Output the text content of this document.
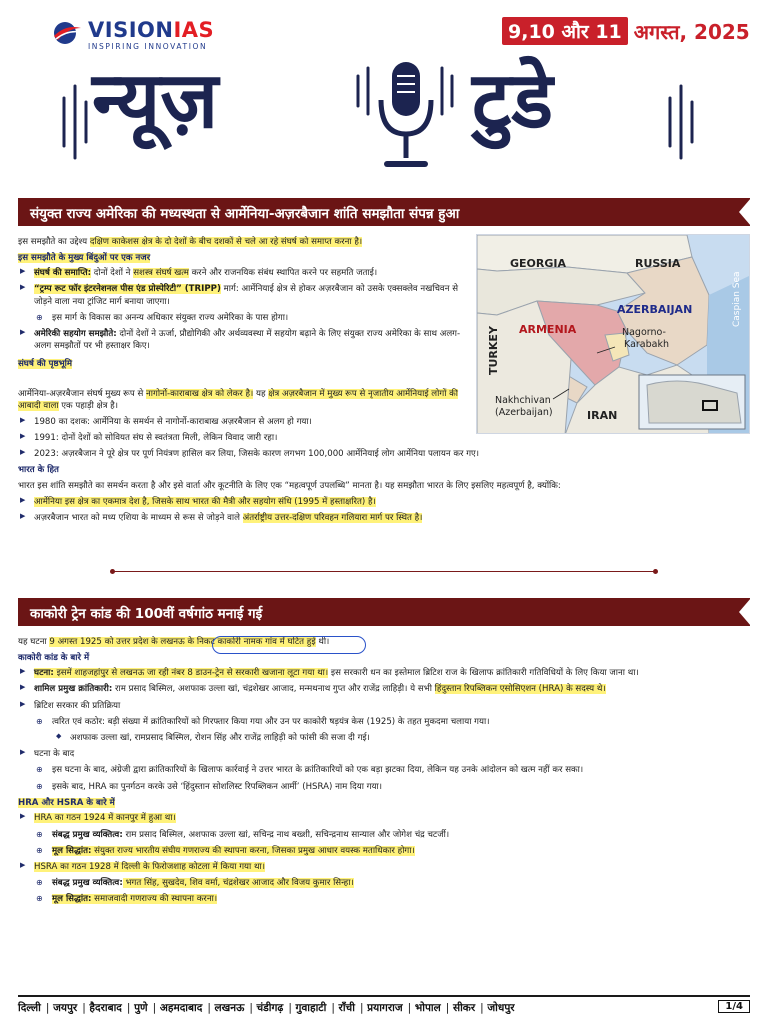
VISIONIAS
INSPIRING INNOVATION
9,10 और 11 अगस्त, 2025
न्यूज़	टुडे
संयुक्त राज्य अमेरिका की मध्यस्थता से आर्मेनिया-अज़रबैजान शांति समझौता संपन्न हुआ

इस समझौते का उद्देश्य दक्षिण काकेशस क्षेत्र के दो देशों के बीच दशकों से चले आ रहे संघर्ष को समाप्त करना है।

इस समझौते के मुख्य बिंदुओं पर एक नजर

▶ संघर्ष की समाप्ति: दोनों देशों ने सशस्त्र संघर्ष खत्म करने और राजनयिक संबंध स्थापित करने पर सहमति जताई।
▶ “ट्रम्प रूट फॉर इंटरनेशनल पीस एंड प्रोस्पेरिटी” (TRIPP) मार्ग: आर्मेनियाई क्षेत्र से होकर अज़रबैजान को उसके एक्सक्लेव नखचिवन से जोड़ने वाला नया ट्रांजिट मार्ग बनाया जाएगा।
⊕ इस मार्ग के विकास का अनन्य अधिकार संयुक्त राज्य अमेरिका के पास होगा।
▶ अमेरिकी सहयोग समझौते: दोनों देशों ने ऊर्जा, प्रौद्योगिकी और अर्थव्यवस्था में सहयोग बढ़ाने के लिए संयुक्त राज्य अमेरिका के साथ अलग-अलग समझौतों पर भी हस्ताक्षर किए।

संघर्ष की पृष्ठभूमि

GEORGIA	RUSSIA
AZERBAIJAN
ARMENIA	Nagorno-
Karabakh
TURKEY
Nakhchivan
(Azerbaijan)	IRAN
Caspian Sea

आर्मेनिया-अज़रबैजान संघर्ष मुख्य रूप से नागोर्नो-काराबाख क्षेत्र को लेकर है। यह क्षेत्र अज़रबैजान में मुख्य रूप से नृजातीय आर्मेनियाई लोगों की आबादी वाला एक पहाड़ी क्षेत्र है।

▶ 1980 का दशक: आर्मेनिया के समर्थन से नागोर्नो-काराबाख अज़रबैजान से अलग हो गया।
▶ 1991: दोनों देशों को सोवियत संघ से स्वतंत्रता मिली, लेकिन विवाद जारी रहा।
▶ 2023: अज़रबैजान ने पूरे क्षेत्र पर पूर्ण नियंत्रण हासिल कर लिया, जिसके कारण लगभग 100,000 आर्मेनियाई लोग आर्मेनिया पलायन कर गए।

भारत के हित

भारत इस शांति समझौते का समर्थन करता है और इसे वार्ता और कूटनीति के लिए एक “महत्वपूर्ण उपलब्धि” मानता है। यह समझौता भारत के लिए इसलिए महत्वपूर्ण है, क्योंकि:

▶ आर्मेनिया इस क्षेत्र का एकमात्र देश है, जिसके साथ भारत की मैत्री और सहयोग संधि (1995 में हस्ताक्षरित) है।
▶ अज़रबैजान भारत को मध्य एशिया के माध्यम से रूस से जोड़ने वाले अंतर्राष्ट्रीय उत्तर-दक्षिण परिवहन गलियारा मार्ग पर स्थित है।
काकोरी ट्रेन कांड की 100वीं वर्षगांठ मनाई गई

यह घटना 9 अगस्त 1925 को उत्तर प्रदेश के लखनऊ के निकट काकोरी नामक गांव में घटित हुई थी।

काकोरी कांड के बारे में

▶ घटना: इसमें शाहजहांपुर से लखनऊ जा रही नंबर 8 डाउन-ट्रेन से सरकारी खजाना लूटा गया था। इस सरकारी धन का इस्तेमाल ब्रिटिश राज के खिलाफ क्रांतिकारी गतिविधियों के लिए किया जाना था।
▶ शामिल प्रमुख क्रांतिकारी: राम प्रसाद बिस्मिल, अशफाक उल्ला खां, चंद्रशेखर आजाद, मन्मथनाथ गुप्त और राजेंद्र लाहिड़ी। ये सभी हिंदुस्तान रिपब्लिकन एसोसिएशन (HRA) के सदस्य थे।
▶ ब्रिटिश सरकार की प्रतिक्रिया
⊕ त्वरित एवं कठोर: बड़ी संख्या में क्रांतिकारियों को गिरफ्तार किया गया और उन पर काकोरी षड़यंत्र केस (1925) के तहत मुकदमा चलाया गया।
◆ अशफाक उल्ला खां, रामप्रसाद बिस्मिल, रोशन सिंह और राजेंद्र लाहिड़ी को फांसी की सजा दी गई।
▶ घटना के बाद
⊕ इस घटना के बाद, अंग्रेजी द्वारा क्रांतिकारियों के खिलाफ कार्रवाई ने उत्तर भारत के क्रांतिकारियों को एक बड़ा झटका दिया, लेकिन यह उनके आंदोलन को खत्म नहीं कर सका।
⊕ इसके बाद, HRA का पुनर्गठन करके उसे ‘हिंदुस्तान सोशलिस्ट रिपब्लिकन आर्मी’ (HSRA) नाम दिया गया।

HRA और HSRA के बारे में

▶ HRA का गठन 1924 में कानपुर में हुआ था।
⊕ संबद्ध प्रमुख व्यक्तित्व: राम प्रसाद बिस्मिल, अशफाक उल्ला खां, सचिन्द्र नाथ बख्शी, सचिन्द्रनाथ सान्याल और जोगेश चंद्र चटर्जी।
⊕ मूल सिद्धांत: संयुक्त राज्य भारतीय संघीय गणराज्य की स्थापना करना, जिसका प्रमुख आधार वयस्क मताधिकार होगा।
▶ HSRA का गठन 1928 में दिल्ली के फिरोजशाह कोटला में किया गया था।
⊕ संबद्ध प्रमुख व्यक्तित्व: भगत सिंह, सुखदेव, शिव वर्मा, चंद्रशेखर आजाद और विजय कुमार सिन्हा।
⊕ मूल सिद्धांत: समाजवादी गणराज्य की स्थापना करना।
दिल्ली | जयपुर | हैदराबाद | पुणे | अहमदाबाद | लखनऊ | चंडीगढ़ | गुवाहाटी | राँची | प्रयागराज | भोपाल | सीकर | जोधपुर	1/4
